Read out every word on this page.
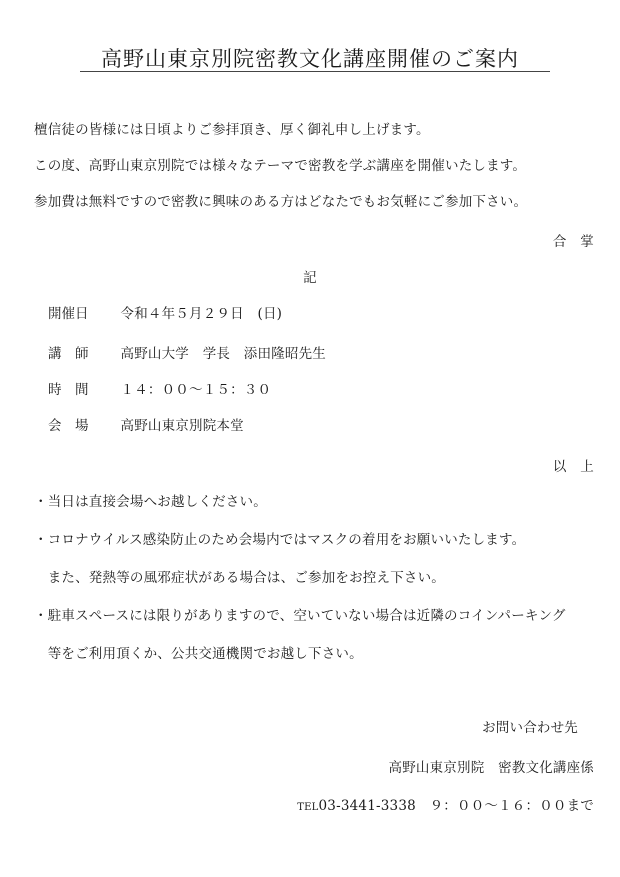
高野山東京別院密教文化講座開催のご案内
檀信徒の皆様には日頃よりご参拝頂き、厚く御礼申し上げます。
この度、高野山東京別院では様々なテーマで密教を学ぶ講座を開催いたします。
参加費は無料ですので密教に興味のある方はどなたでもお気軽にご参加下さい。
合　掌
記
開催日 令和４年５月２９日　(日)
講　師 高野山大学　学長　添田隆昭先生
時　間 １４：００〜１５：３０
会　場 高野山東京別院本堂
以　上
・当日は直接会場へお越しください。
・コロナウイルス感染防止のため会場内ではマスクの着用をお願いいたします。
　また、発熱等の風邪症状がある場合は、ご参加をお控え下さい。
・駐車スペースには限りがありますので、空いていない場合は近隣のコインパーキング
　等をご利用頂くか、公共交通機関でお越し下さい。
お問い合わせ先
高野山東京別院　密教文化講座係
TEL03-3441-3338　９：００〜１６：００まで
